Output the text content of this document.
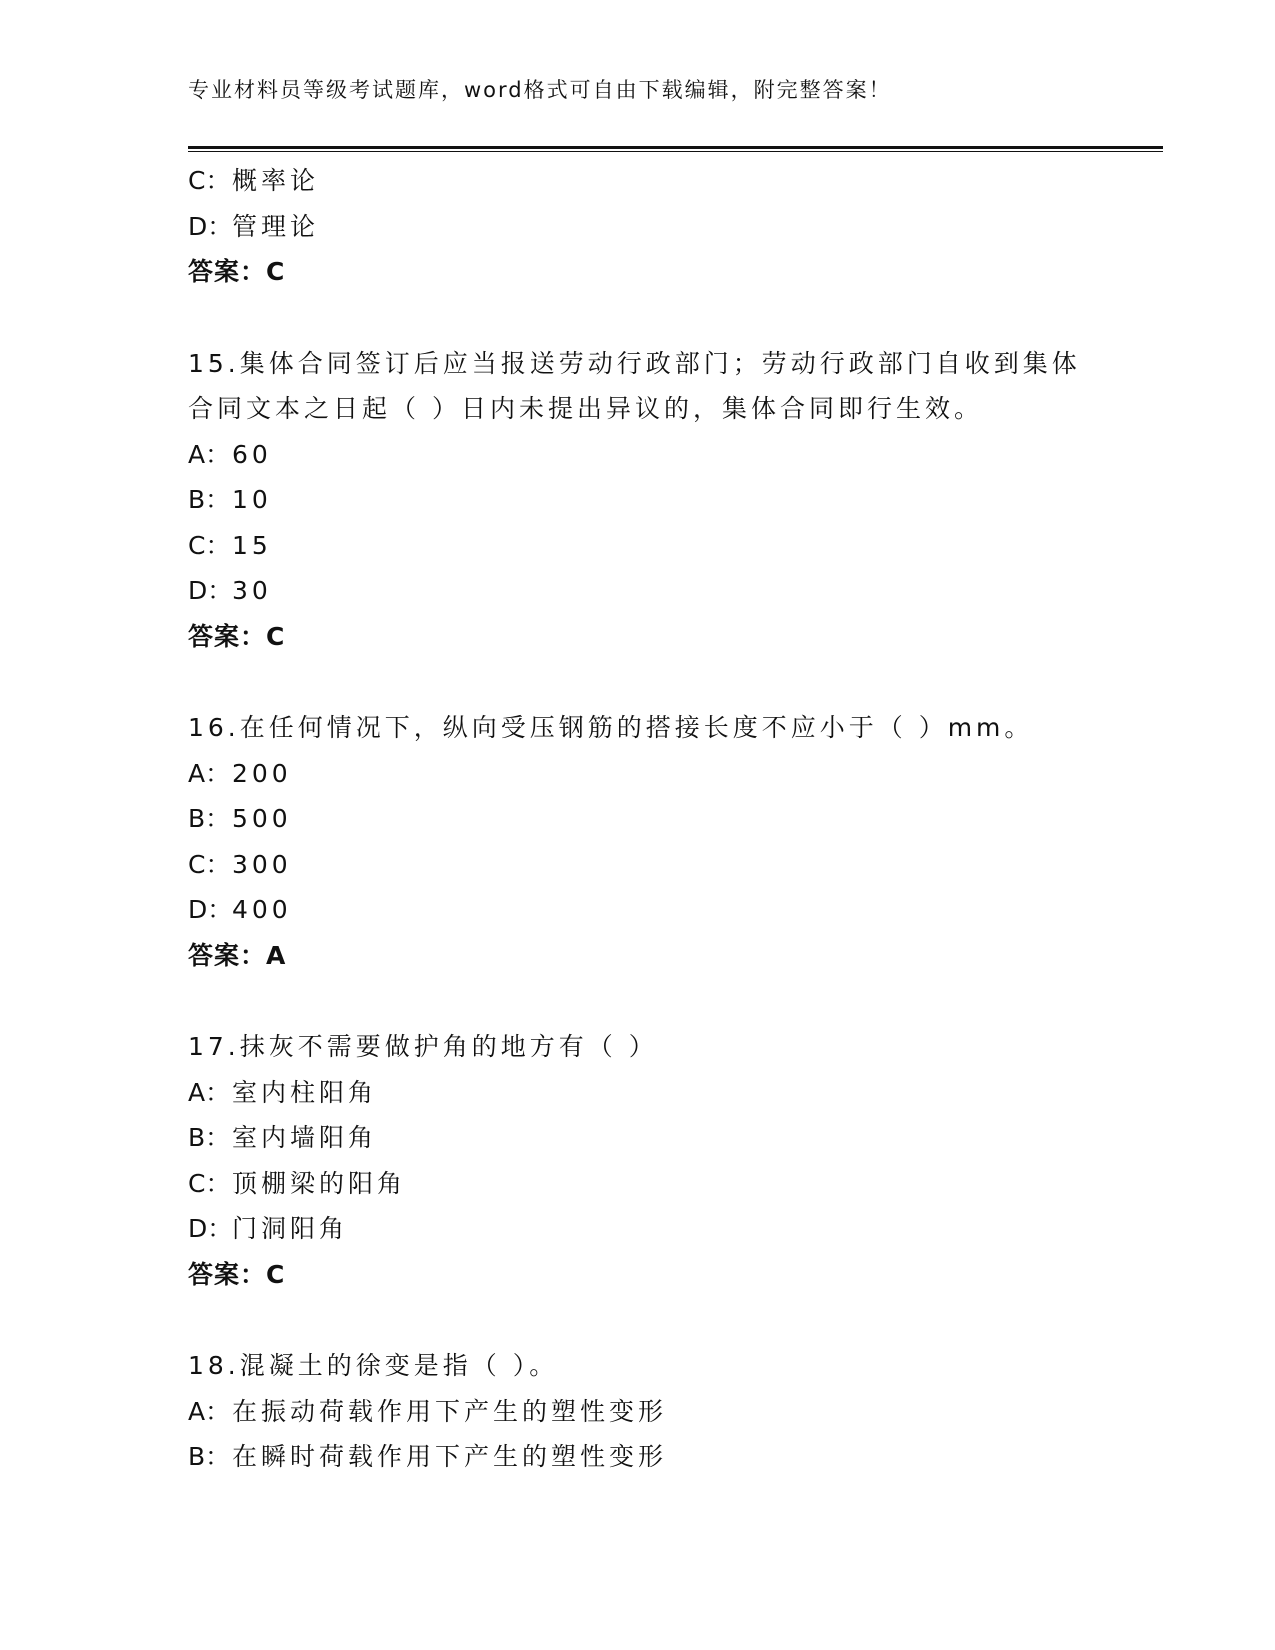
专业材料员等级考试题库，word格式可自由下载编辑，附完整答案！
C：概率论
D：管理论
答案：C
15.集体合同签订后应当报送劳动行政部门；劳动行政部门自收到集体合同文本之日起（ ）日内未提出异议的，集体合同即行生效。
A：60
B：10
C：15
D：30
答案：C
16.在任何情况下，纵向受压钢筋的搭接长度不应小于（ ）mm。
A：200
B：500
C：300
D：400
答案：A
17.抹灰不需要做护角的地方有（ ）
A：室内柱阳角
B：室内墙阳角
C：顶棚梁的阳角
D：门洞阳角
答案：C
18.混凝土的徐变是指（ ）。
A：在振动荷载作用下产生的塑性变形
B：在瞬时荷载作用下产生的塑性变形
